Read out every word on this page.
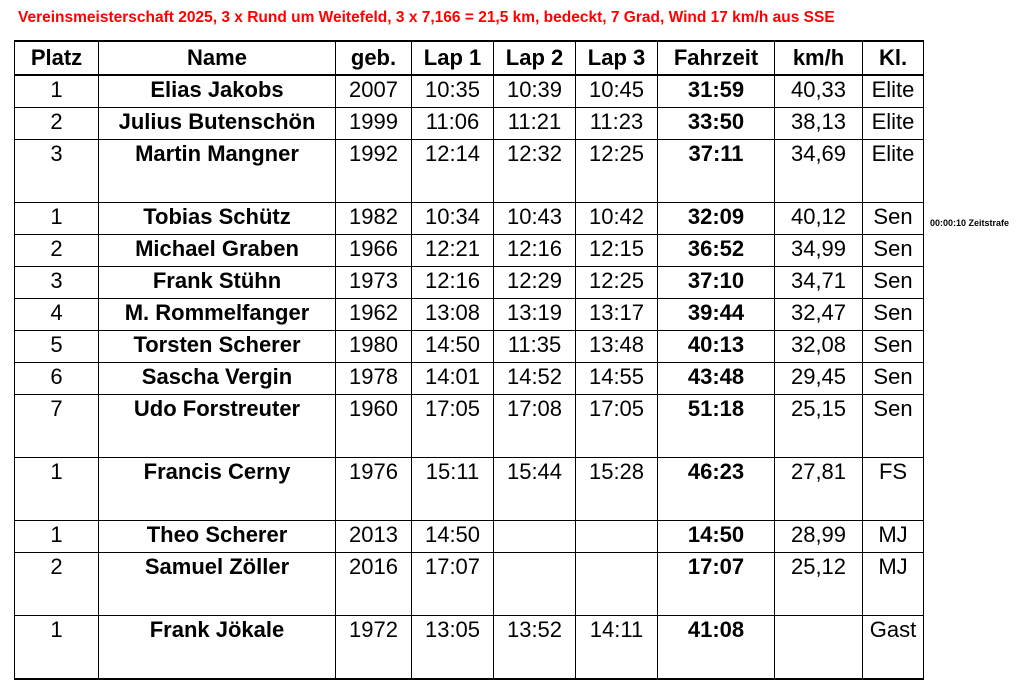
Vereinsmeisterschaft 2025, 3 x Rund um Weitefeld, 3 x 7,166 = 21,5 km, bedeckt, 7 Grad, Wind 17 km/h aus SSE
Platz	Name	geb.	Lap 1	Lap 2	Lap 3	Fahrzeit	km/h	Kl.
1	Elias Jakobs	2007	10:35	10:39	10:45	31:59	40,33	Elite
2	Julius Butenschön	1999	11:06	11:21	11:23	33:50	38,13	Elite
3	Martin Mangner	1992	12:14	12:32	12:25	37:11	34,69	Elite
1	Tobias Schütz	1982	10:34	10:43	10:42	32:09	40,12	Sen
2	Michael Graben	1966	12:21	12:16	12:15	36:52	34,99	Sen
3	Frank Stühn	1973	12:16	12:29	12:25	37:10	34,71	Sen
4	M. Rommelfanger	1962	13:08	13:19	13:17	39:44	32,47	Sen
5	Torsten Scherer	1980	14:50	11:35	13:48	40:13	32,08	Sen
6	Sascha Vergin	1978	14:01	14:52	14:55	43:48	29,45	Sen
7	Udo Forstreuter	1960	17:05	17:08	17:05	51:18	25,15	Sen
1	Francis Cerny	1976	15:11	15:44	15:28	46:23	27,81	FS
1	Theo Scherer	2013	14:50			14:50	28,99	MJ
2	Samuel Zöller	2016	17:07			17:07	25,12	MJ
1	Frank Jökale	1972	13:05	13:52	14:11	41:08		Gast
00:00:10 Zeitstrafe
